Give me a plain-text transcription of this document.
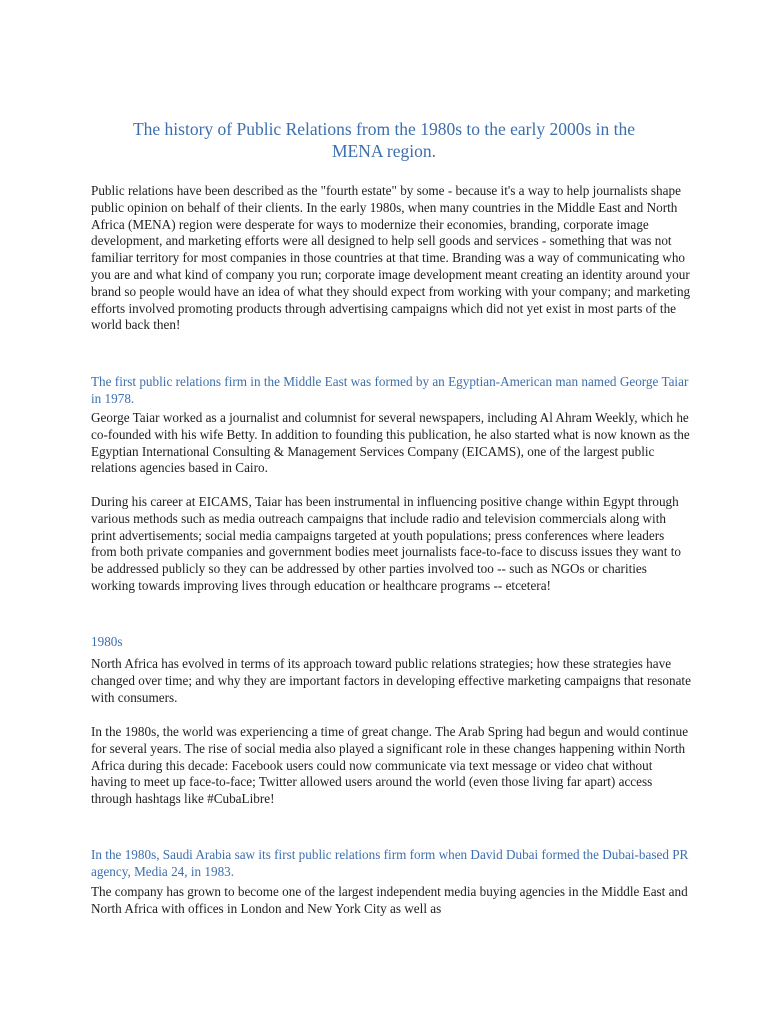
The history of Public Relations from the 1980s to the early 2000s in the MENA region.

Public relations have been described as the "fourth estate" by some - because it's a way to help journalists shape public opinion on behalf of their clients. In the early 1980s, when many countries in the Middle East and North Africa (MENA) region were desperate for ways to modernize their economies, branding, corporate image development, and marketing efforts were all designed to help sell goods and services - something that was not familiar territory for most companies in those countries at that time. Branding was a way of communicating who you are and what kind of company you run; corporate image development meant creating an identity around your brand so people would have an idea of what they should expect from working with your company; and marketing efforts involved promoting products through advertising campaigns which did not yet exist in most parts of the world back then!

The first public relations firm in the Middle East was formed by an Egyptian-American man named George Taiar in 1978.

George Taiar worked as a journalist and columnist for several newspapers, including Al Ahram Weekly, which he co-founded with his wife Betty. In addition to founding this publication, he also started what is now known as the Egyptian International Consulting & Management Services Company (EICAMS), one of the largest public relations agencies based in Cairo.

During his career at EICAMS, Taiar has been instrumental in influencing positive change within Egypt through various methods such as media outreach campaigns that include radio and television commercials along with print advertisements; social media campaigns targeted at youth populations; press conferences where leaders from both private companies and government bodies meet journalists face-to-face to discuss issues they want to be addressed publicly so they can be addressed by other parties involved too -- such as NGOs or charities working towards improving lives through education or healthcare programs -- etcetera!

1980s

North Africa has evolved in terms of its approach toward public relations strategies; how these strategies have changed over time; and why they are important factors in developing effective marketing campaigns that resonate with consumers.

In the 1980s, the world was experiencing a time of great change. The Arab Spring had begun and would continue for several years. The rise of social media also played a significant role in these changes happening within North Africa during this decade: Facebook users could now communicate via text message or video chat without having to meet up face-to-face; Twitter allowed users around the world (even those living far apart) access through hashtags like #CubaLibre!

In the 1980s, Saudi Arabia saw its first public relations firm form when David Dubai formed the Dubai-based PR agency, Media 24, in 1983.

The company has grown to become one of the largest independent media buying agencies in the Middle East and North Africa with offices in London and New York City as well as
